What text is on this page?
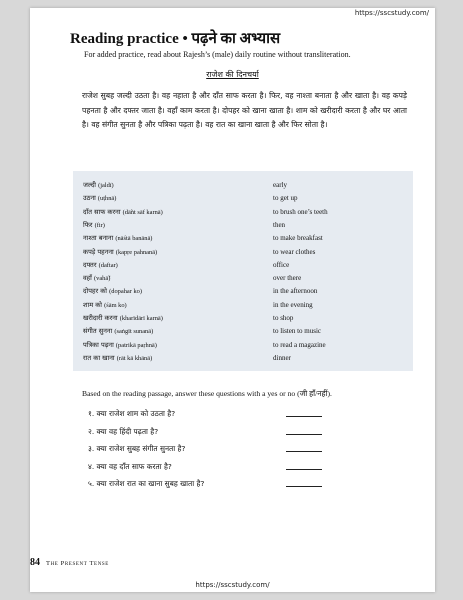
https://sscstudy.com/
Reading practice • पढ़ने का अभ्यास
For added practice, read about Rajesh’s (male) daily routine without transliteration.
राजेश की दिनचर्या
राजेश सुबह जल्दी उठता है। वह नहाता है और दाँत साफ करता है। फिर, वह नाश्ता बनाता है और खाता है। वह कपड़े पहनता है और दफ्तर जाता है। वहाँ काम करता है। दोपहर को खाना खाता है। शाम को खरीदारी करता है और घर आता है। वह संगीत सुनता है और पत्रिका पढ़ता है। वह रात का खाना खाता है और फिर सोता है।
जल्दी (jaldī)	early
उठना (uṭhnā)	to get up
दाँत साफ करना (dā̃nt sāf karnā)	to brush one’s teeth
फिर (fir)	then
नाश्ता बनाना (nāśtā banānā)	to make breakfast
कपड़े पहनना (kapṛe pahnanā)	to wear clothes
दफ्तर (daftar)	office
वहाँ (vahā̃)	over there
दोपहर को (dopahar ko)	in the afternoon
शाम को (śām ko)	in the evening
खरीदारी करना (kharīdārī karnā)	to shop
संगीत सुनना (saṅgīt sunanā)	to listen to music
पत्रिका पढ़ना (patrikā paṛhnā)	to read a magazine
रात का खाना (rāt kā khānā)	dinner
Based on the reading passage, answer these questions with a yes or no (जी हाँ/नहीं).
१. क्या राजेश शाम को उठता है?
२. क्या वह हिंदी पढ़ता है?
३. क्या राजेश सुबह संगीत सुनता है?
४. क्या वह दाँत साफ करता है?
५. क्या राजेश रात का खाना सुबह खाता है?
84 The Present Tense
https://sscstudy.com/
